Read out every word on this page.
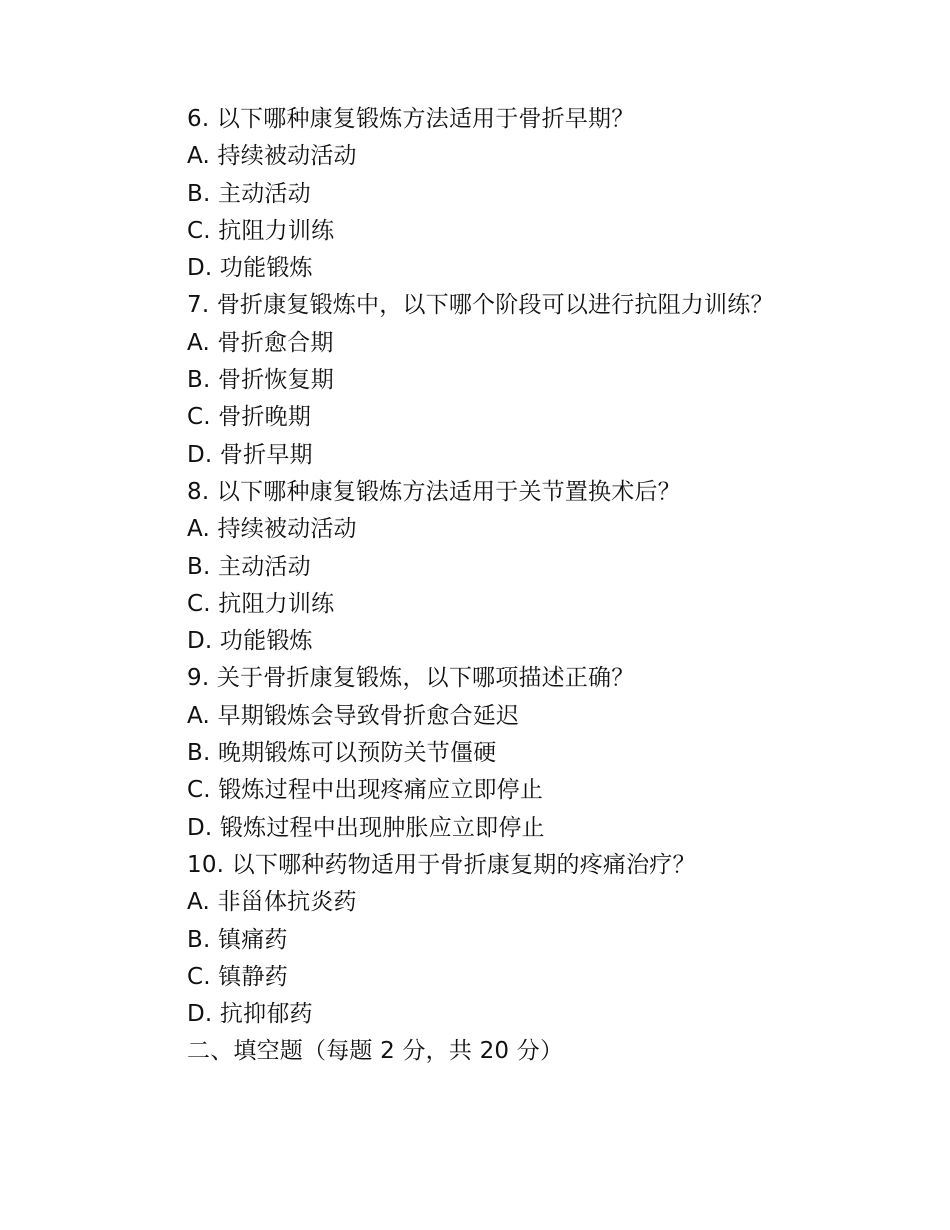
6. 以下哪种康复锻炼方法适用于骨折早期？
A. 持续被动活动
B. 主动活动
C. 抗阻力训练
D. 功能锻炼
7. 骨折康复锻炼中，以下哪个阶段可以进行抗阻力训练？
A. 骨折愈合期
B. 骨折恢复期
C. 骨折晚期
D. 骨折早期
8. 以下哪种康复锻炼方法适用于关节置换术后？
A. 持续被动活动
B. 主动活动
C. 抗阻力训练
D. 功能锻炼
9. 关于骨折康复锻炼，以下哪项描述正确？
A. 早期锻炼会导致骨折愈合延迟
B. 晚期锻炼可以预防关节僵硬
C. 锻炼过程中出现疼痛应立即停止
D. 锻炼过程中出现肿胀应立即停止
10. 以下哪种药物适用于骨折康复期的疼痛治疗？
A. 非甾体抗炎药
B. 镇痛药
C. 镇静药
D. 抗抑郁药
二、填空题（每题 2 分，共 20 分）
